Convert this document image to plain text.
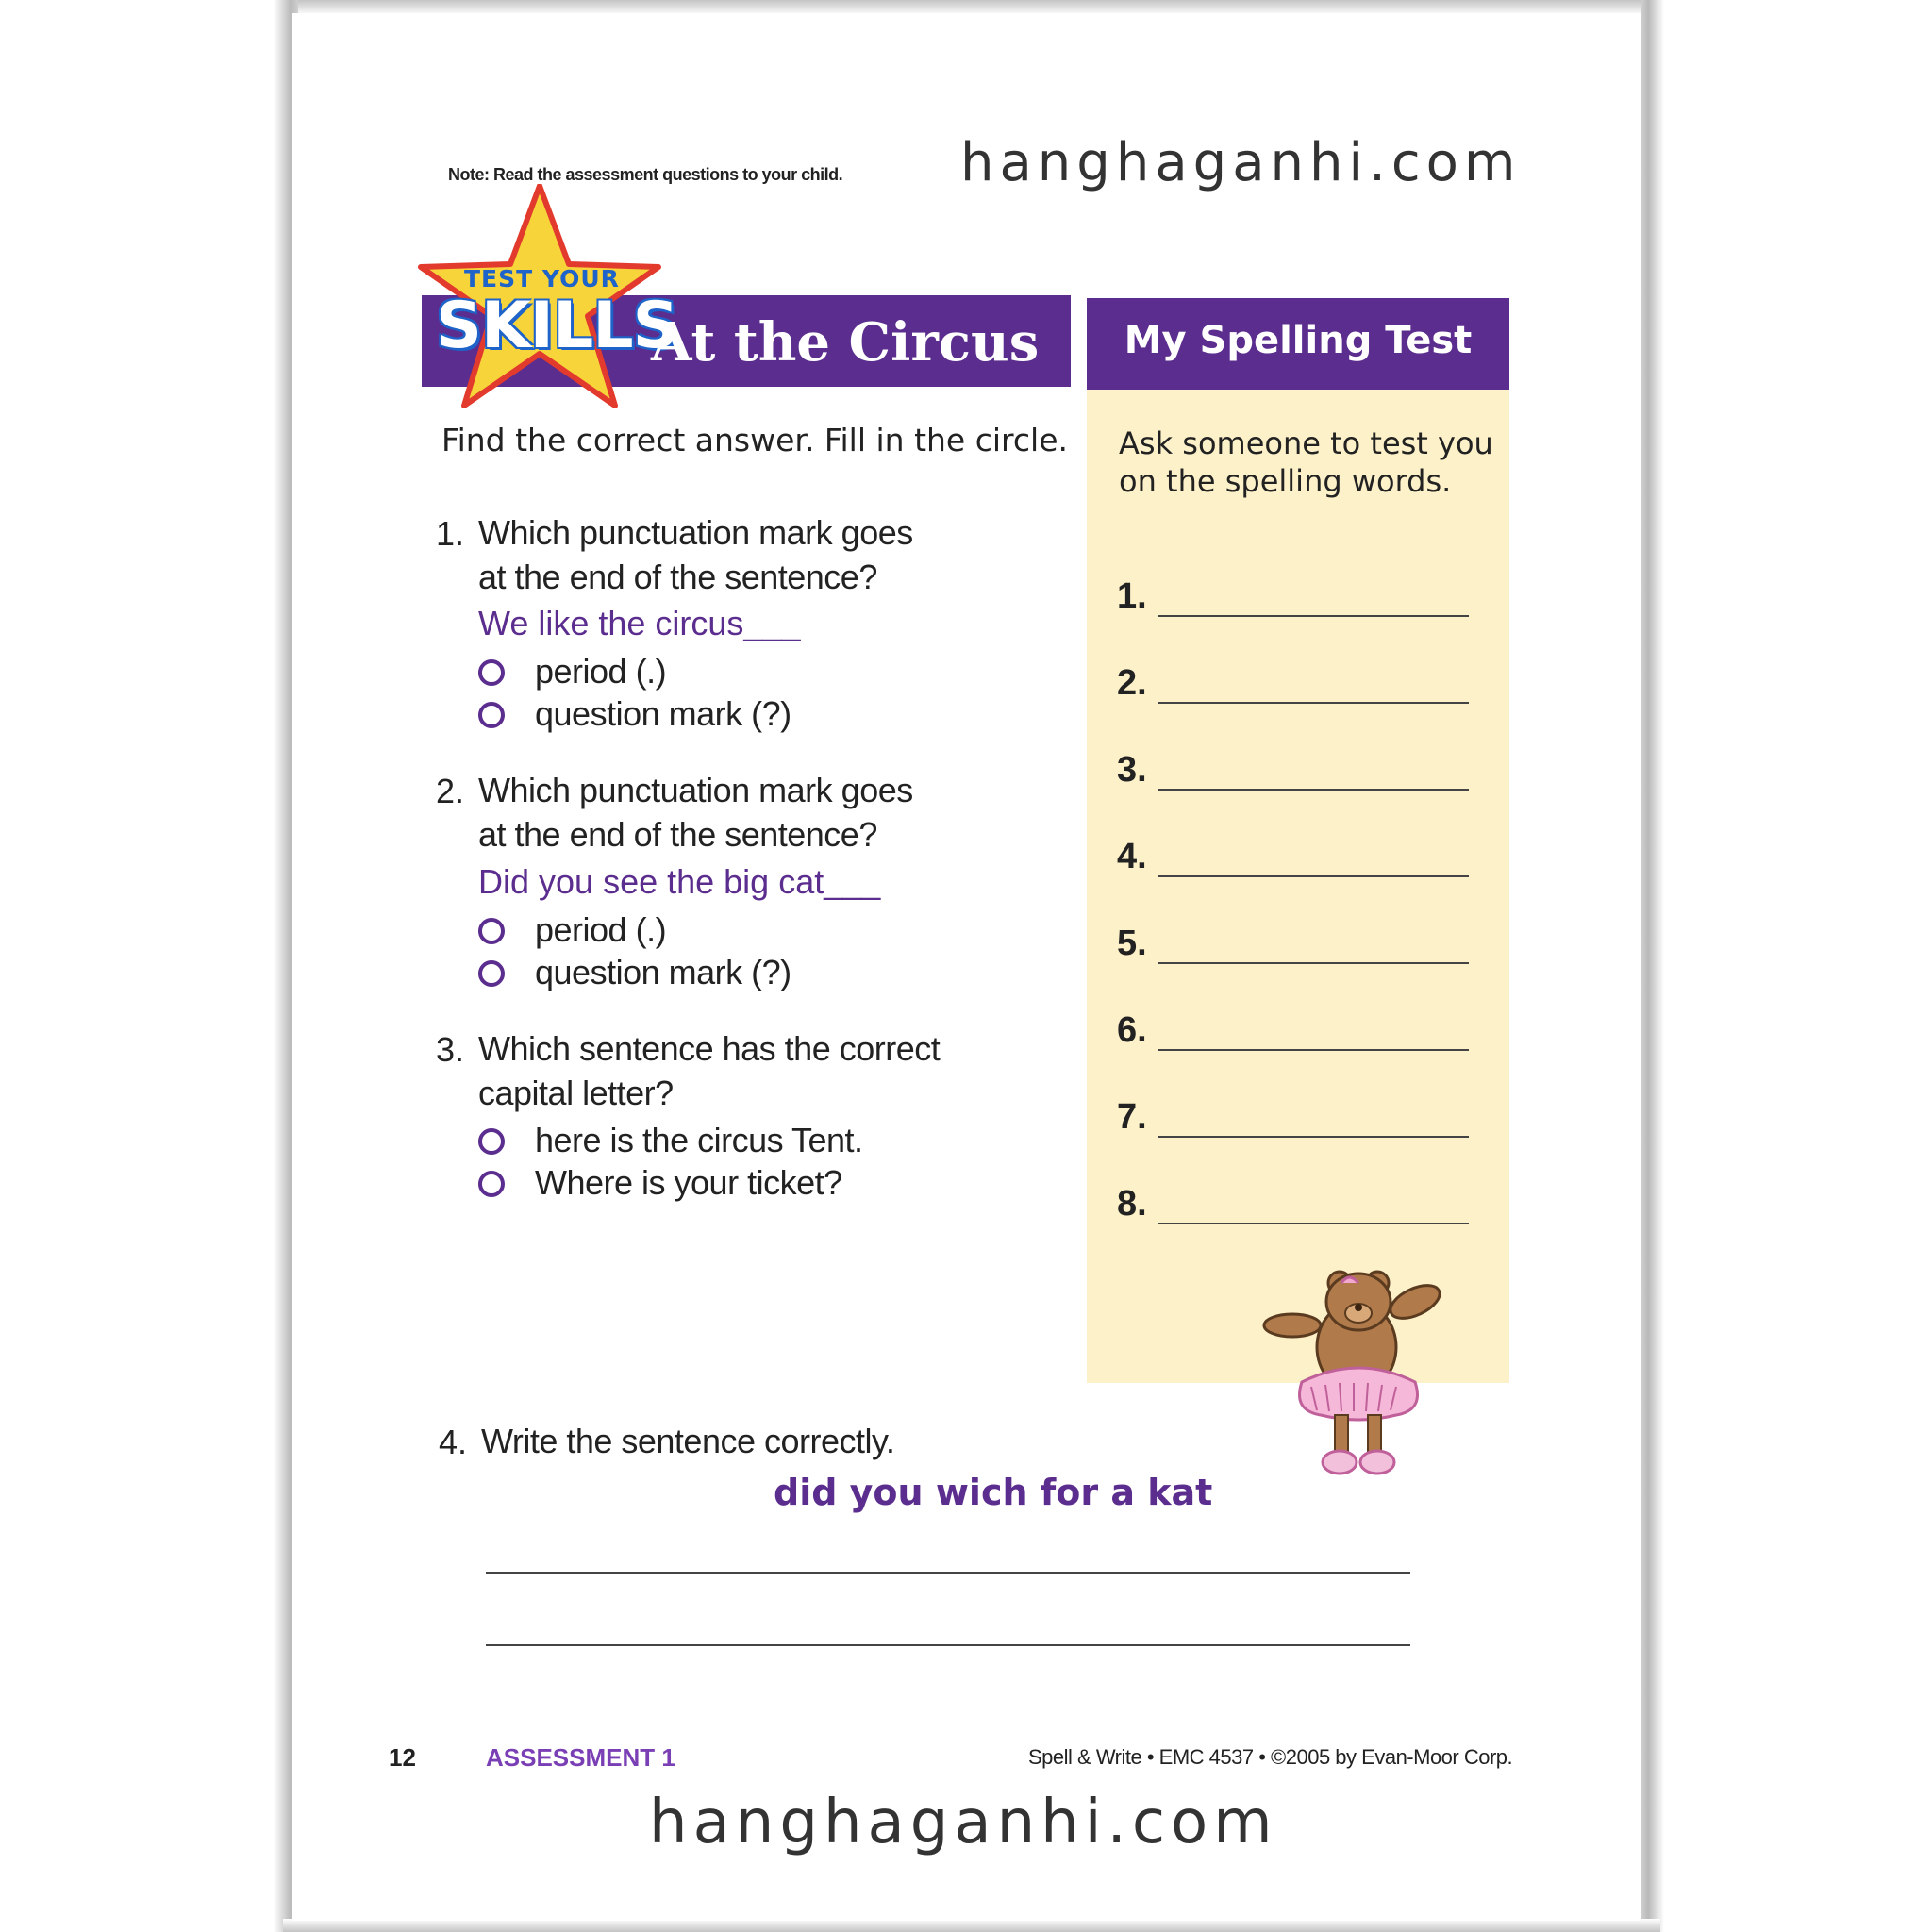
hanghaganhi.com
Note: Read the assessment questions to your child.
TEST YOUR
SKILLS
At the Circus	My Spelling Test
Ask someone to test you on the spelling words.
1.
2.
3.
4.
5.
6.
7.
8.
Find the correct answer. Fill in the circle.
1. Which punctuation mark goes
at the end of the sentence?
We like the circus___
period (.)
question mark (?)
2. Which punctuation mark goes
at the end of the sentence?
Did you see the big cat___
period (.)
question mark (?)
3. Which sentence has the correct
capital letter?
here is the circus Tent.
Where is your ticket?
4. Write the sentence correctly.
did you wich for a kat
12	ASSESSMENT 1	Spell & Write • EMC 4537 • ©2005 by Evan-Moor Corp.
hanghaganhi.com
